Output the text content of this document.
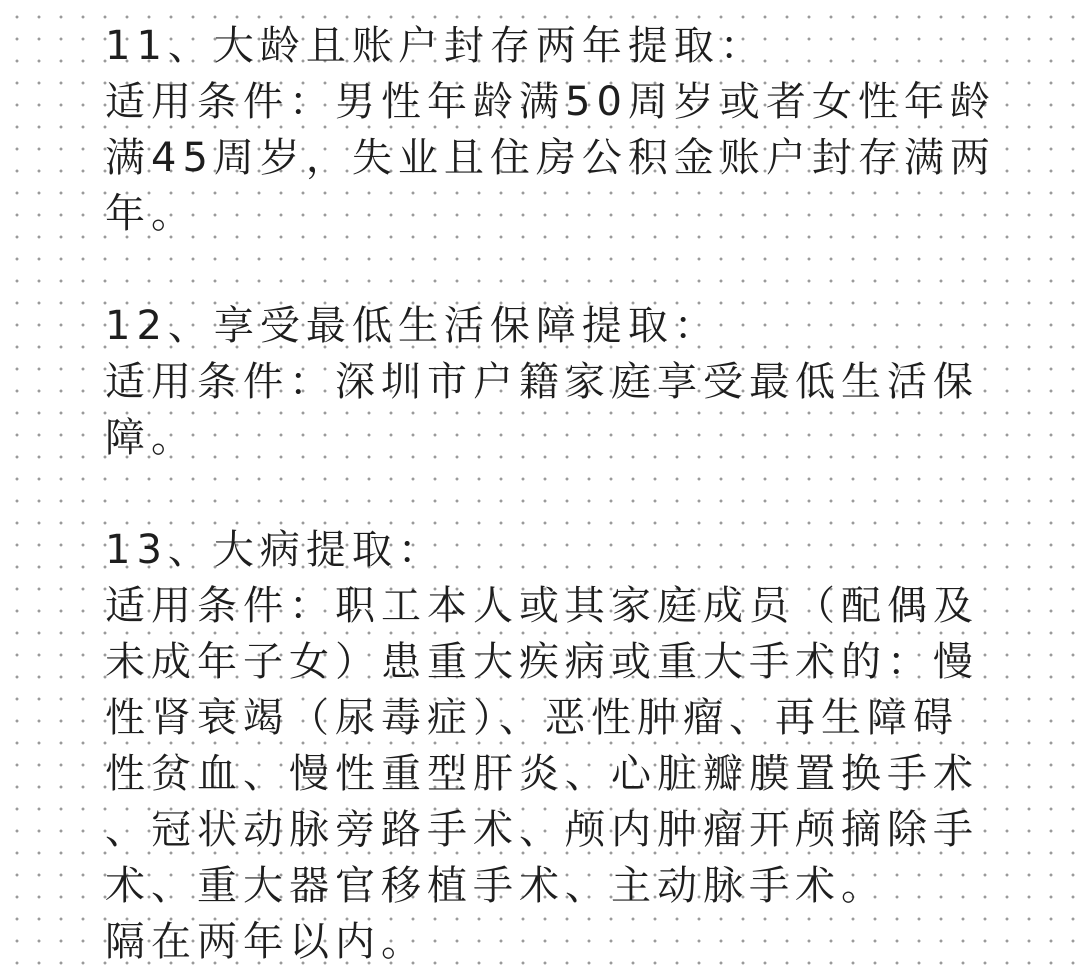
11、大龄且账户封存两年提取：
适用条件：男性年龄满50周岁或者女性年龄
满45周岁，失业且住房公积金账户封存满两
年。
12、享受最低生活保障提取：
适用条件：深圳市户籍家庭享受最低生活保
障。
13、大病提取：
适用条件：职工本人或其家庭成员（配偶及
未成年子女）患重大疾病或重大手术的：慢
性肾衰竭（尿毒症）、恶性肿瘤、再生障碍
性贫血、慢性重型肝炎、心脏瓣膜置换手术
、冠状动脉旁路手术、颅内肿瘤开颅摘除手
术、重大器官移植手术、主动脉手术。
隔在两年以内。
